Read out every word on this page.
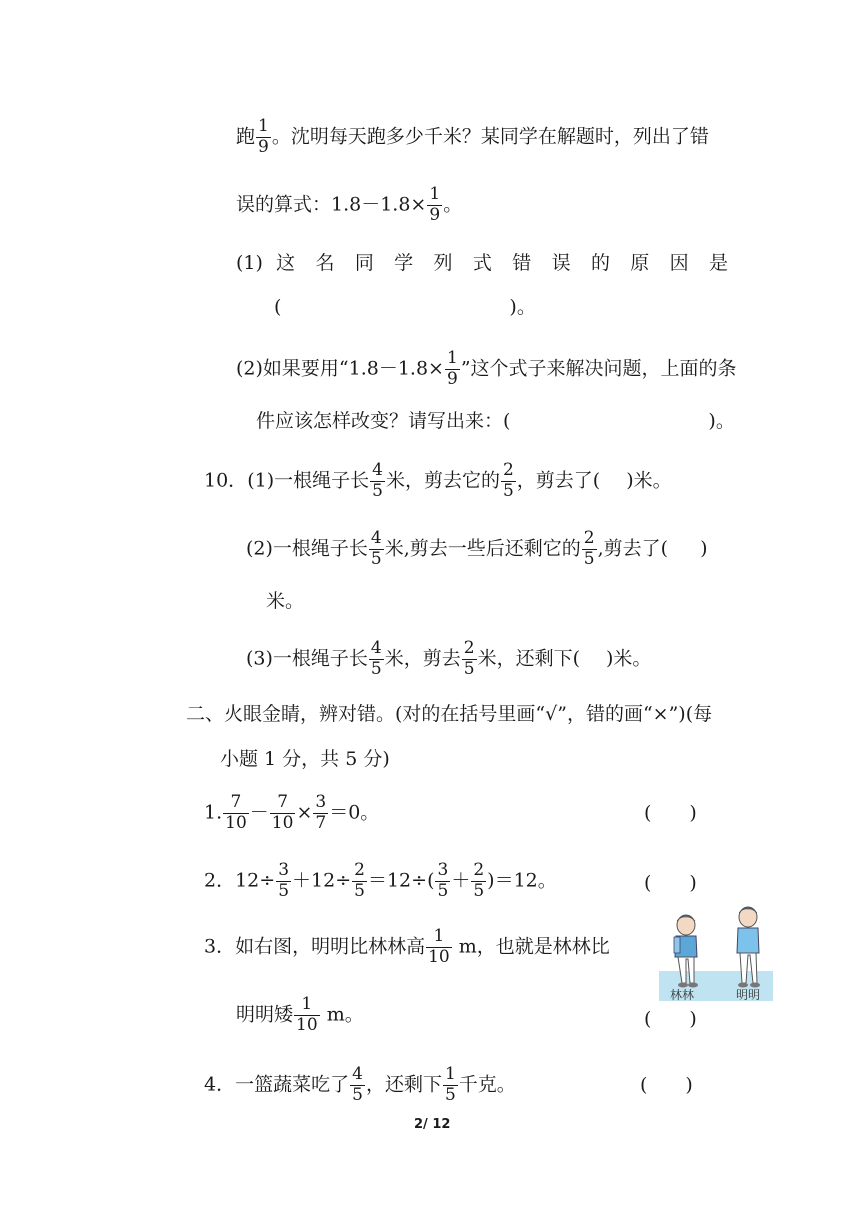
跑 $\frac{1}{9}$ 。沈明每天跑多少千米？某同学在解题时，列出了错
误的算式：$1.8-1.8\times \frac{1}{9}$ 。
(1) 这 名 同 学 列 式 错 误 的 原 因 是
(	)。
(2)如果要用“$1.8-1.8\times \frac{1}{9}$ ”这个式子来解决问题，上面的条
件应该怎样改变？请写出来：(	)。
10．(1)一根绳子长 $\frac{4}{5}$ 米，剪去它的 $\frac{2}{5}$ ，剪去了( )米。
(2)一根绳子长 $\frac{4}{5}$ 米,剪去一些后还剩它的 $\frac{2}{5}$ ,剪去了( )
米。
(3)一根绳子长 $\frac{4}{5}$ 米，剪去 $\frac{2}{5}$ 米，还剩下( )米。
二、火眼金睛，辨对错。(对的在括号里画“√”，错的画“×”)(每
小题 1 分，共 5 分)
1. $\frac{7}{10} - \frac{7}{10} \times \frac{3}{7} =0$。	(　　)
2．$12\div \frac{3}{5} +12\div \frac{2}{5} =12\div( \frac{3}{5} + \frac{2}{5} )=12$。	(　　)
3．如右图，明明比林林高 $\frac{1}{10}$ m，也就是林林比
明明矮 $\frac{1}{10}$ m。	(　　)
林林	明明
4．一篮蔬菜吃了 $\frac{4}{5}$ ，还剩下 $\frac{1}{5}$ 千克。	(　　)
2/ 12
